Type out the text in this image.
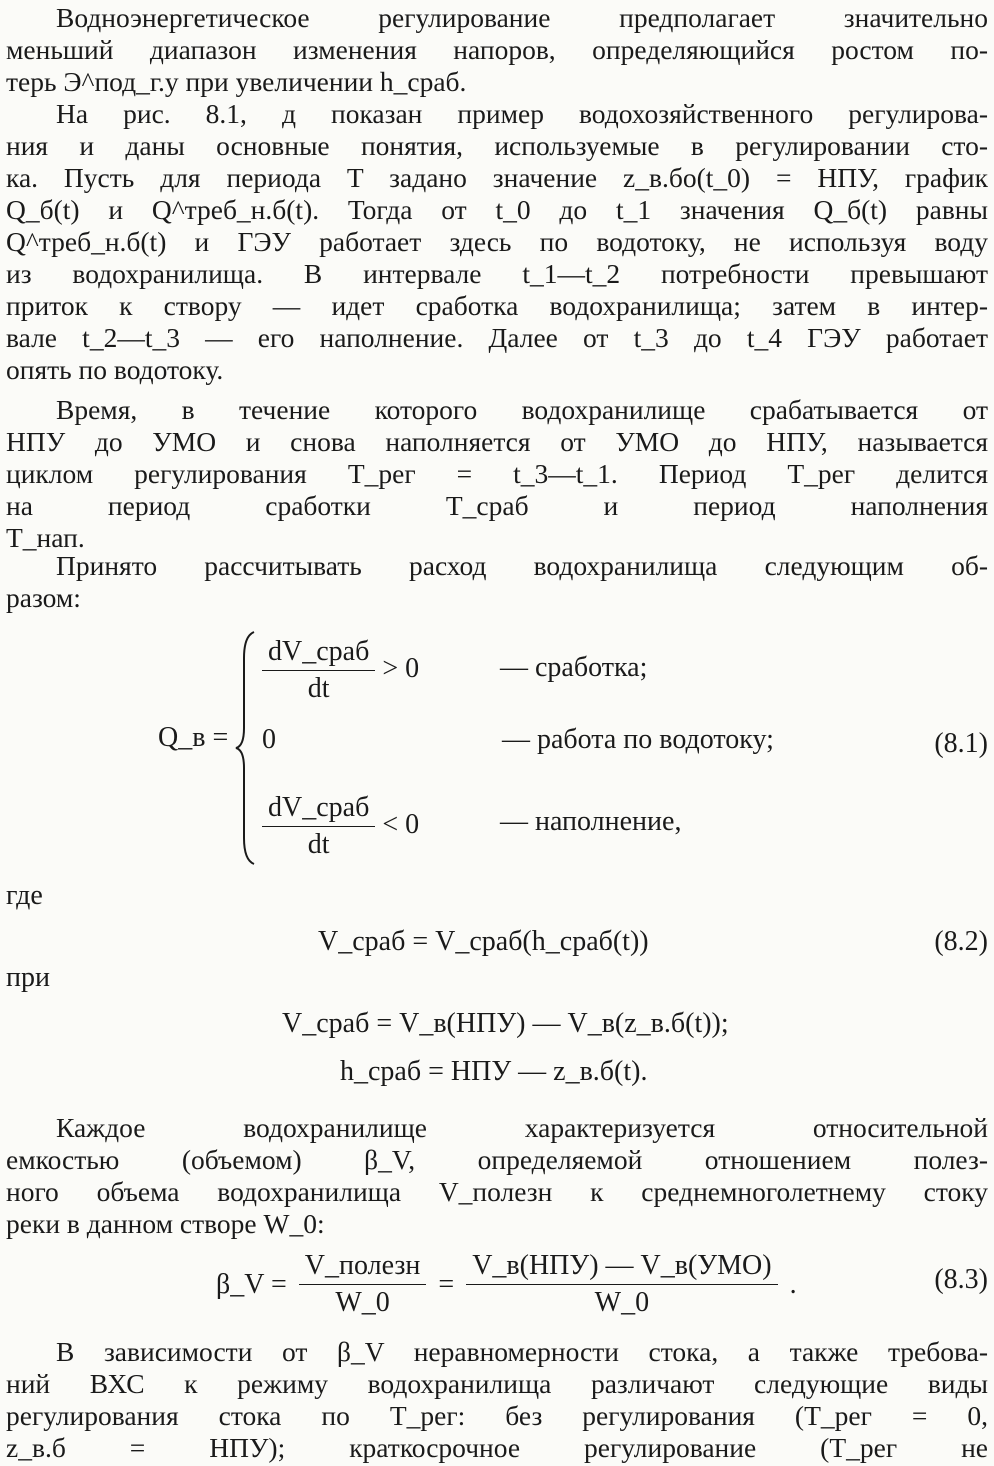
Водноэнергетическое регулирование предполагает значительно
меньший диапазон изменения напоров, определяющийся ростом по-
терь Э^под_г.у при увеличении h_сраб.
На рис. 8.1, д показан пример водохозяйственного регулирова-
ния и даны основные понятия, используемые в регулировании сто-
ка. Пусть для периода T задано значение z_в.бо(t_0) = НПУ, график
Q_б(t) и Q^треб_н.б(t). Тогда от t_0 до t_1 значения Q_б(t) равны
Q^треб_н.б(t) и ГЭУ работает здесь по водотоку, не используя воду
из водохранилища. В интервале t_1—t_2 потребности превышают
приток к створу — идет сработка водохранилища; затем в интер-
вале t_2—t_3 — его наполнение. Далее от t_3 до t_4 ГЭУ работает
опять по водотоку.
Время, в течение которого водохранилище срабатывается от
НПУ до УМО и снова наполняется от УМО до НПУ, называется
циклом регулирования T_рег = t_3—t_1. Период T_рег делится
на период сработки T_сраб и период наполнения
T_нап.
Принято рассчитывать расход водохранилища следующим об-
разом:
Q_в =
$\frac{\text{dV\_сраб}}{dt} > 0$	— сработка;
0	— работа по водотоку;	(8.1)
$\frac{\text{dV\_сраб}}{dt} < 0$	— наполнение,
где
V_сраб = V_сраб(h_сраб(t))	(8.2)
при
V_сраб = V_в(НПУ) — V_в(z_в.б(t));
h_сраб = НПУ — z_в.б(t).
Каждое водохранилище характеризуется относительной
емкостью (объемом) β_V, определяемой отношением полез-
ного объема водохранилища V_полезн к среднемноголетнему стоку
реки в данном створе W_0:
β_V = $\frac{\text{V\_полезн}}{W\_0} = \frac{\text{V\_в(НПУ) — V\_в(УМО)}}{W\_0}$ .	(8.3)
В зависимости от β_V неравномерности стока, а также требова-
ний ВХС к режиму водохранилища различают следующие виды
регулирования стока по T_рег: без регулирования (T_рег = 0,
z_в.б = НПУ); краткосрочное регулирование (T_рег не
